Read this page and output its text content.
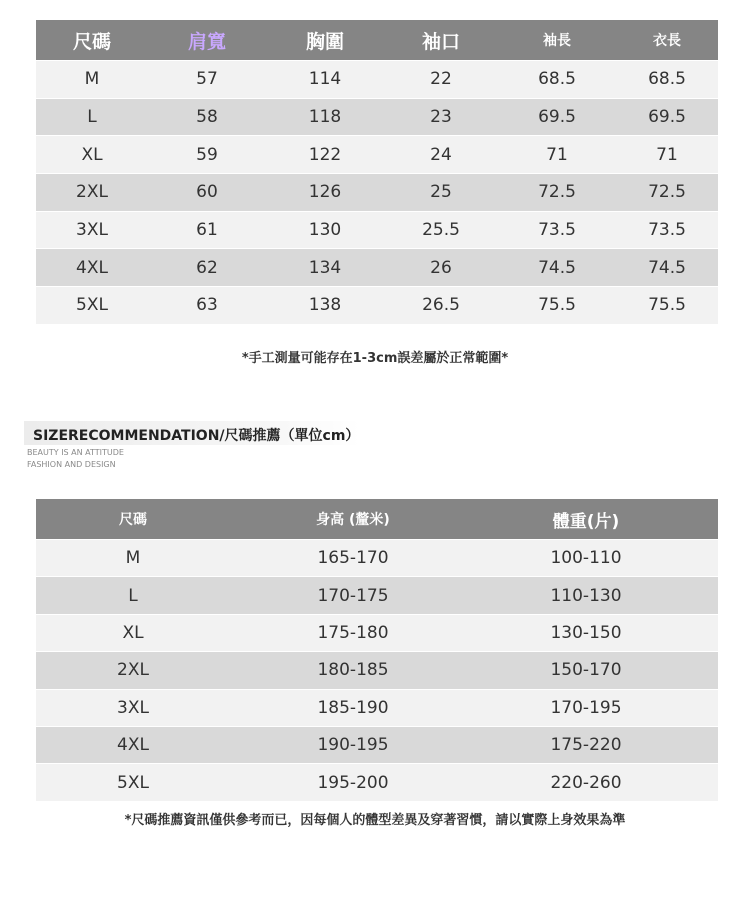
尺碼	肩寬	胸圍	袖口	袖長	衣長
M	57	114	22	68.5	68.5
L	58	118	23	69.5	69.5
XL	59	122	24	71	71
2XL	60	126	25	72.5	72.5
3XL	61	130	25.5	73.5	73.5
4XL	62	134	26	74.5	74.5
5XL	63	138	26.5	75.5	75.5
*手工測量可能存在1-3cm誤差屬於正常範圍*
SIZERECOMMENDATION/尺碼推薦（單位cm）
BEAUTY IS AN ATTITUDE
FASHION AND DESIGN
尺碼	身高 (釐米)	體重(片)
M	165-170	100-110
L	170-175	110-130
XL	175-180	130-150
2XL	180-185	150-170
3XL	185-190	170-195
4XL	190-195	175-220
5XL	195-200	220-260
*尺碼推薦資訊僅供參考而已，因每個人的體型差異及穿著習慣，請以實際上身效果為準
